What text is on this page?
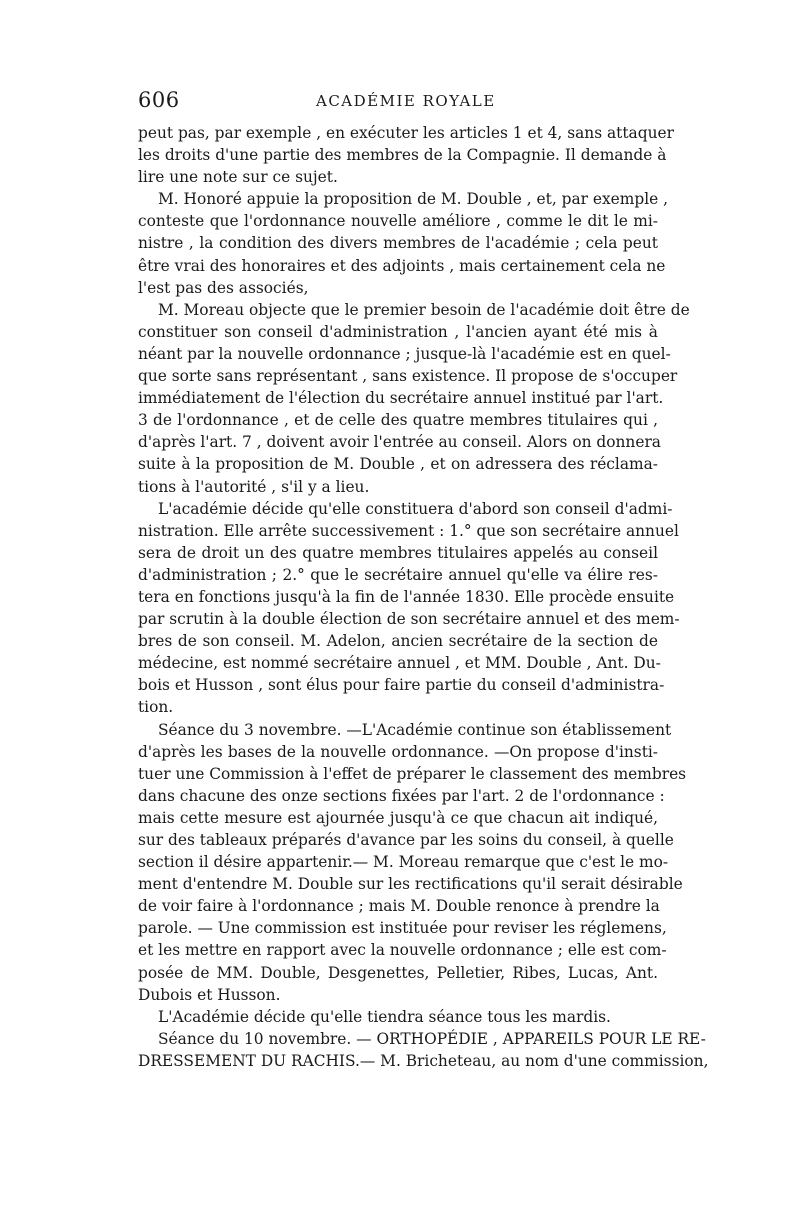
606	ACADÉMIE ROYALE
peut pas, par exemple , en exécuter les articles 1 et 4, sans attaquer
les droits d'une partie des membres de la Compagnie. Il demande à
lire une note sur ce sujet.
M. Honoré appuie la proposition de M. Double , et, par exemple ,
conteste que l'ordonnance nouvelle améliore , comme le dit le mi-
nistre , la condition des divers membres de l'académie ; cela peut
être vrai des honoraires et des adjoints , mais certainement cela ne
l'est pas des associés,
M. Moreau objecte que le premier besoin de l'académie doit être de
constituer son conseil d'administration , l'ancien ayant été mis à
néant par la nouvelle ordonnance ; jusque-là l'académie est en quel-
que sorte sans représentant , sans existence. Il propose de s'occuper
immédiatement de l'élection du secrétaire annuel institué par l'art.
3 de l'ordonnance , et de celle des quatre membres titulaires qui ,
d'après l'art. 7 , doivent avoir l'entrée au conseil. Alors on donnera
suite à la proposition de M. Double , et on adressera des réclama-
tions à l'autorité , s'il y a lieu.
L'académie décide qu'elle constituera d'abord son conseil d'admi-
nistration. Elle arrête successivement : 1.° que son secrétaire annuel
sera de droit un des quatre membres titulaires appelés au conseil
d'administration ; 2.° que le secrétaire annuel qu'elle va élire res-
tera en fonctions jusqu'à la fin de l'année 1830. Elle procède ensuite
par scrutin à la double élection de son secrétaire annuel et des mem-
bres de son conseil. M. Adelon, ancien secrétaire de la section de
médecine, est nommé secrétaire annuel , et MM. Double , Ant. Du-
bois et Husson , sont élus pour faire partie du conseil d'administra-
tion.
Séance du 3 novembre. —L'Académie continue son établissement
d'après les bases de la nouvelle ordonnance. —On propose d'insti-
tuer une Commission à l'effet de préparer le classement des membres
dans chacune des onze sections fixées par l'art. 2 de l'ordonnance :
mais cette mesure est ajournée jusqu'à ce que chacun ait indiqué,
sur des tableaux préparés d'avance par les soins du conseil, à quelle
section il désire appartenir.— M. Moreau remarque que c'est le mo-
ment d'entendre M. Double sur les rectifications qu'il serait désirable
de voir faire à l'ordonnance ; mais M. Double renonce à prendre la
parole. — Une commission est instituée pour reviser les réglemens,
et les mettre en rapport avec la nouvelle ordonnance ; elle est com-
posée de MM. Double, Desgenettes, Pelletier, Ribes, Lucas, Ant.
Dubois et Husson.
L'Académie décide qu'elle tiendra séance tous les mardis.
Séance du 10 novembre. — ORTHOPÉDIE , APPAREILS POUR LE RE-
DRESSEMENT DU RACHIS.— M. Bricheteau, au nom d'une commission,
